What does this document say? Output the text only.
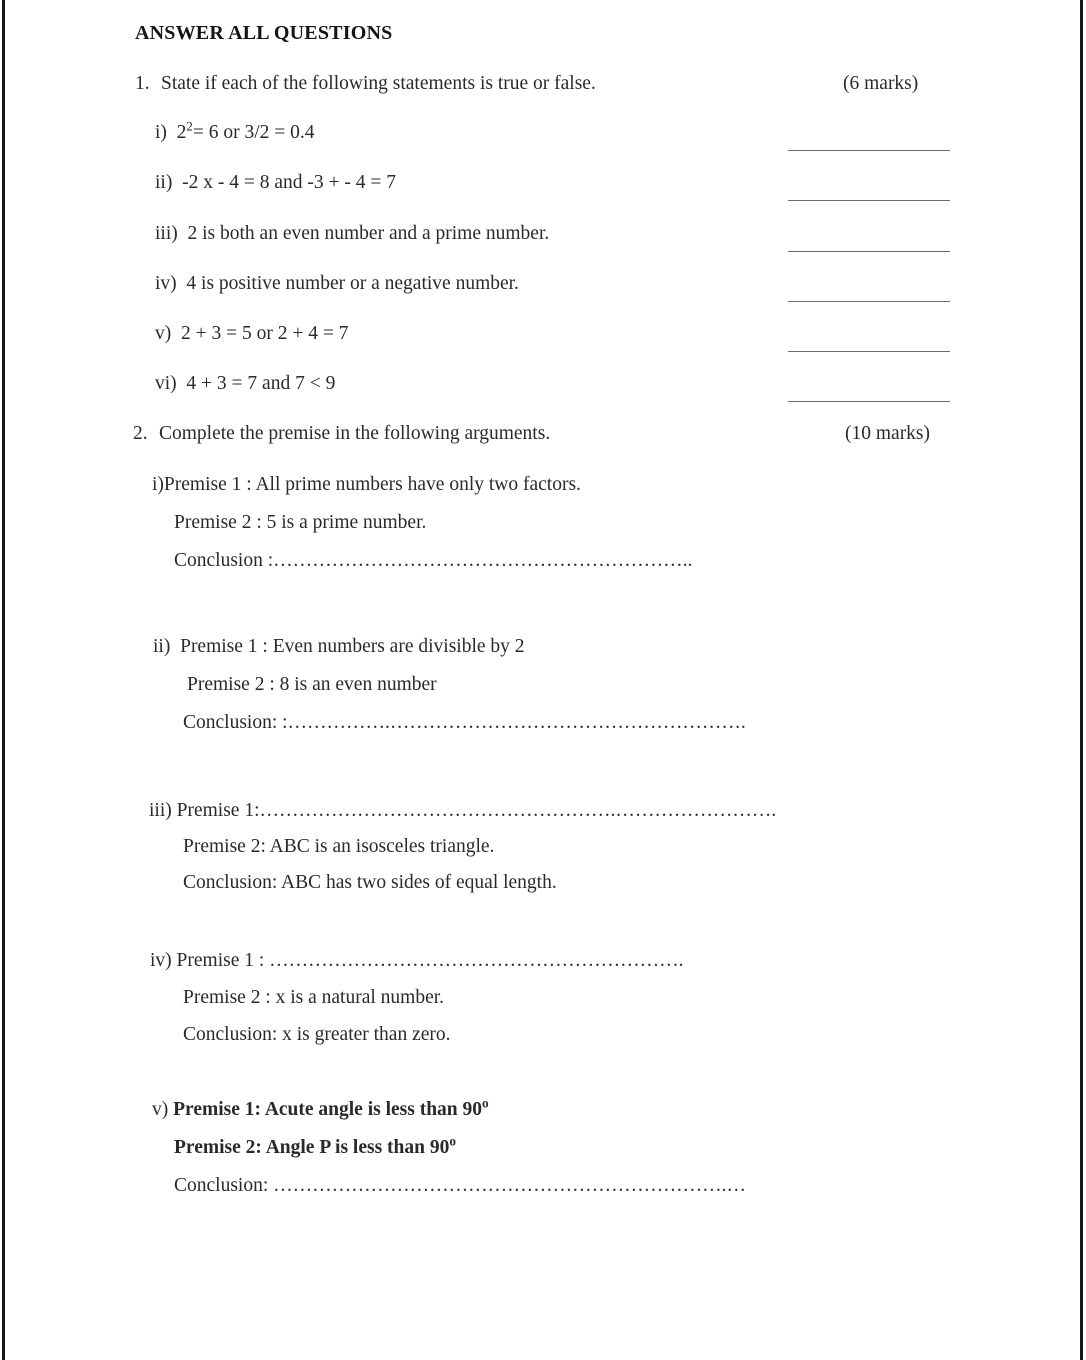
ANSWER ALL QUESTIONS
1. State if each of the following statements is true or false.	(6 marks)
i) $2^2= 6$ or 3/2 = 0.4
ii) -2 x - 4 = 8 and -3 + - 4 = 7
iii) 2 is both an even number and a prime number.
iv) 4 is positive number or a negative number.
v) 2 + 3 = 5 or 2 + 4 = 7
vi) 4 + 3 = 7 and 7 < 9
2. Complete the premise in the following arguments.	(10 marks)
i)Premise 1 : All prime numbers have only two factors.
Premise 2 : 5 is a prime number.
Conclusion :………………………………………………………..
ii) Premise 1 : Even numbers are divisible by 2
Premise 2 : 8 is an even number
Conclusion: :…………….……………………………………………….
iii) Premise 1:……………………………………………….…………………….
Premise 2: ABC is an isosceles triangle.
Conclusion: ABC has two sides of equal length.
iv) Premise 1 : ……………………………………………………….
Premise 2 : x is a natural number.
Conclusion: x is greater than zero.
v) Premise 1: Acute angle is less than 90$^o$
Premise 2: Angle P is less than 90$^o$
Conclusion: …………………………………………………………….…
